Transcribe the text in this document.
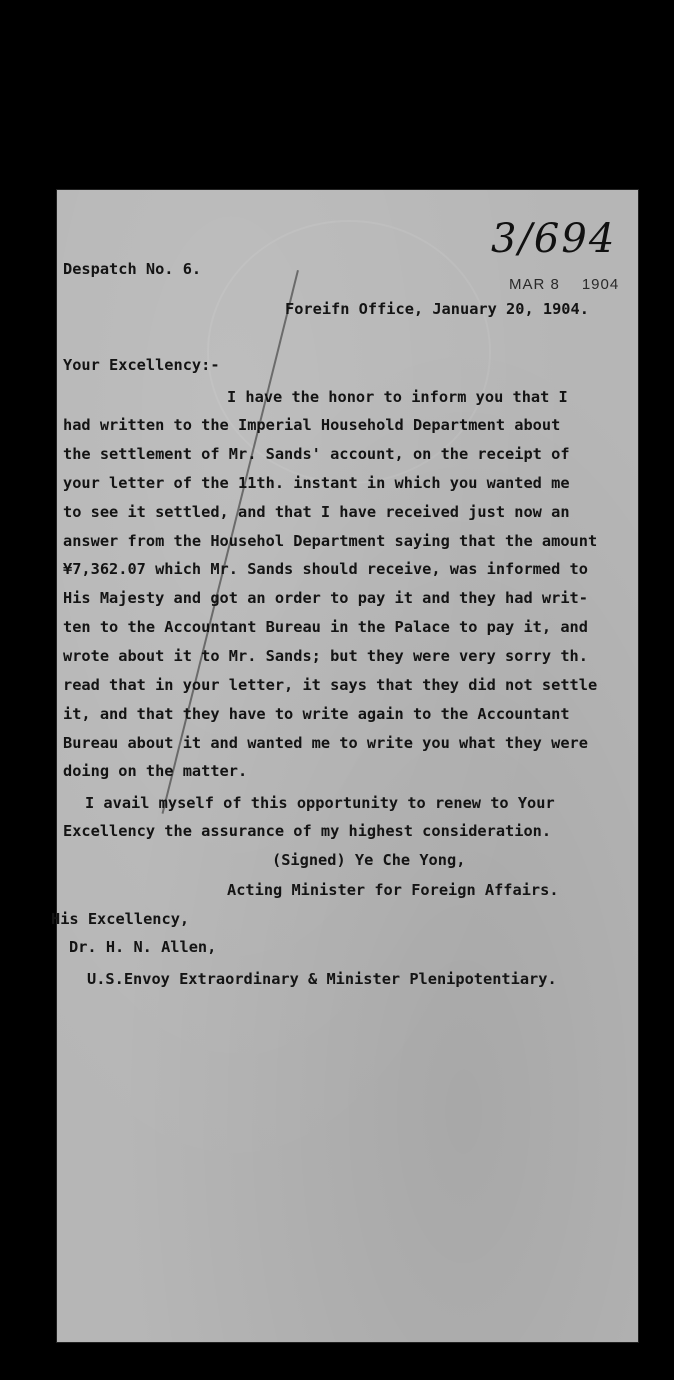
3/694
MAR 8 1904
Despatch No. 6.
Foreifn Office, January 20, 1904.
Your Excellency:-
I have the honor to inform you that I
had written to the Imperial Household Department about
the settlement of Mr. Sands' account, on the receipt of
your letter of the 11th. instant in which you wanted me
to see it settled, and that I have received just now an
answer from the Househol Department saying that the amount
¥7,362.07 which Mr. Sands should receive, was informed to
His Majesty and got an order to pay it and they had writ-
ten to the Accountant Bureau in the Palace to pay it, and
wrote about it to Mr. Sands; but they were very sorry th.
read that in your letter, it says that they did not settle
it, and that they have to write again to the Accountant
Bureau about it and wanted me to write you what they were
doing on the matter.
I avail myself of this opportunity to renew to Your
Excellency the assurance of my highest consideration.
(Signed) Ye Che Yong,
Acting Minister for Foreign Affairs.
His Excellency,
Dr. H. N. Allen,
U.S.Envoy Extraordinary & Minister Plenipotentiary.
